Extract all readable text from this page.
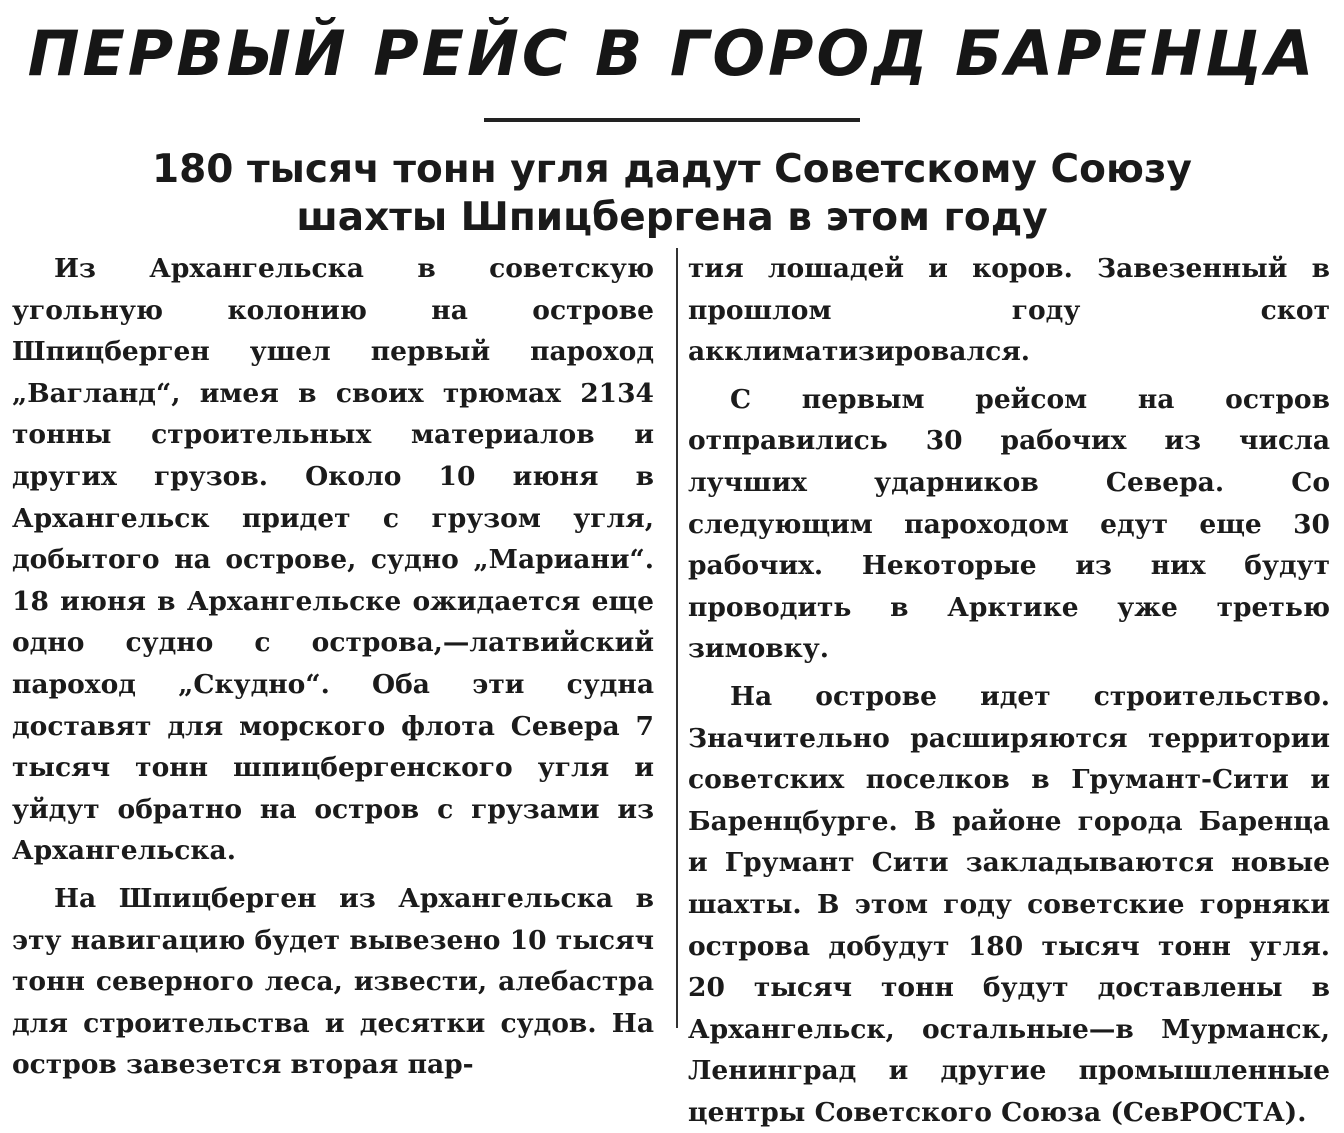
ПЕРВЫЙ РЕЙС В ГОРОД БАРЕНЦА
180 тысяч тонн угля дадут Советскому Союзу
шахты Шпицбергена в этом году

Из Архангельска в советскую угольную колонию на острове Шпицберген ушел первый пароход „Вагланд“, имея в своих трюмах 2134 тонны строительных материалов и других грузов. Около 10 июня в Архангельск придет с грузом угля, добытого на острове, судно „Мариани“. 18 июня в Архангельске ожидается еще одно судно с острова,—латвийский пароход „Скудно“. Оба эти судна доставят для морского флота Севера 7 тысяч тонн шпицбергенского угля и уйдут обратно на остров с грузами из Архангельска.

На Шпицберген из Архангельска в эту навигацию будет вывезено 10 тысяч тонн северного леса, извести, алебастра для строительства и десятки судов. На остров завезется вторая пар-

тия лошадей и коров. Завезенный в прошлом году скот акклиматизировался.

С первым рейсом на остров отправились 30 рабочих из числа лучших ударников Севера. Со следующим пароходом едут еще 30 рабочих. Некоторые из них будут проводить в Арктике уже третью зимовку.

На острове идет строительство. Значительно расширяются территории советских поселков в Грумант-Сити и Баренцбурге. В районе города Баренца и Грумант Сити закладываются новые шахты. В этом году советские горняки острова добудут 180 тысяч тонн угля. 20 тысяч тонн будут доставлены в Архангельск, остальные—в Мурманск, Ленинград и другие промышленные центры Советского Союза (СевРОСТА).
